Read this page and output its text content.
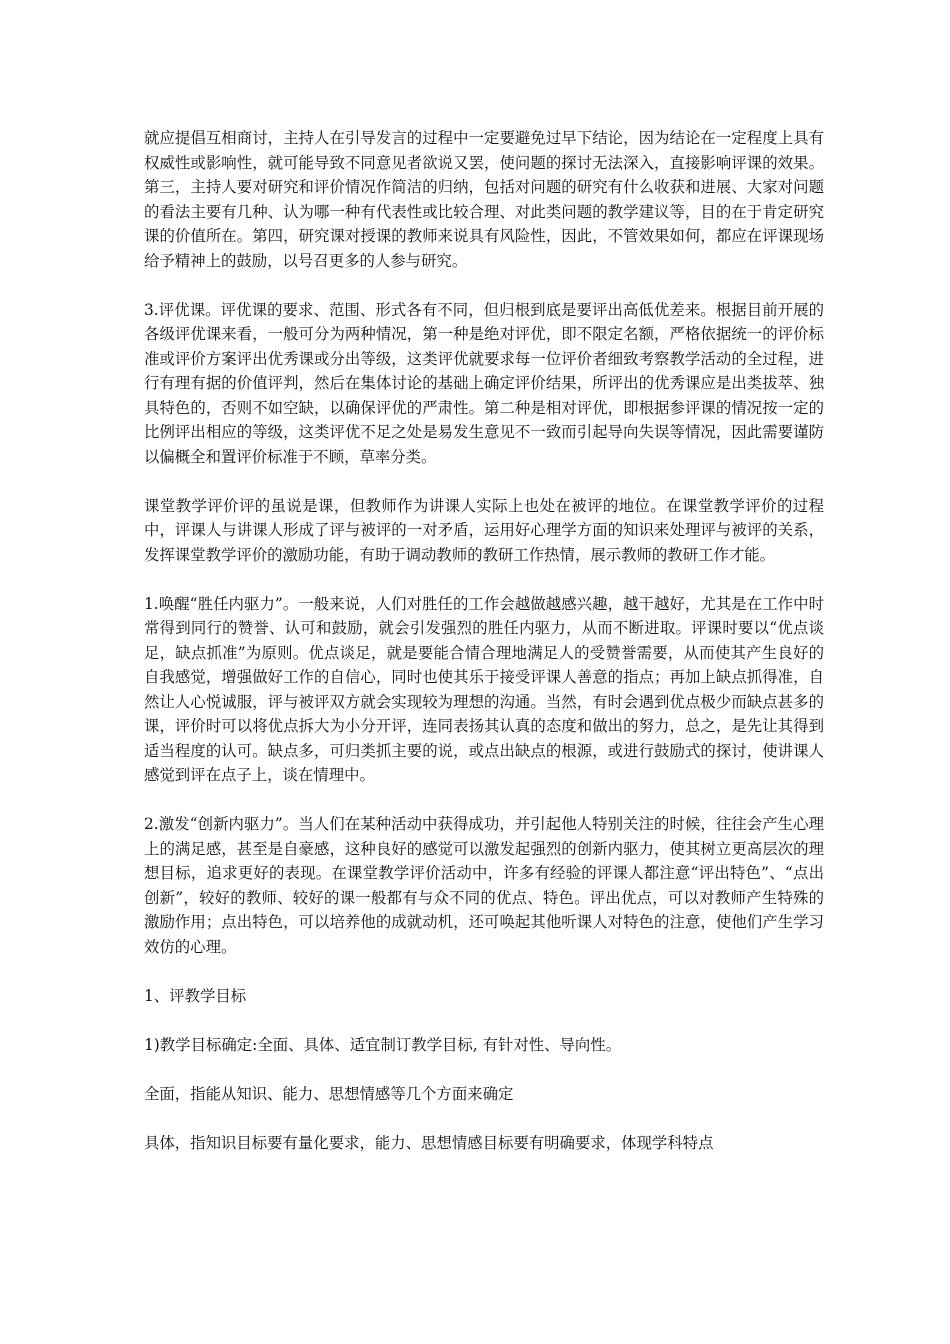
就应提倡互相商讨，主持人在引导发言的过程中一定要避免过早下结论，因为结论在一定程度上具有权威性或影响性，就可能导致不同意见者欲说又罢，使问题的探讨无法深入，直接影响评课的效果。第三，主持人要对研究和评价情况作简洁的归纳，包括对问题的研究有什么收获和进展、大家对问题的看法主要有几种、认为哪一种有代表性或比较合理、对此类问题的教学建议等，目的在于肯定研究课的价值所在。第四，研究课对授课的教师来说具有风险性，因此，不管效果如何，都应在评课现场给予精神上的鼓励，以号召更多的人参与研究。

3.评优课。评优课的要求、范围、形式各有不同，但归根到底是要评出高低优差来。根据目前开展的各级评优课来看，一般可分为两种情况，第一种是绝对评优，即不限定名额，严格依据统一的评价标准或评价方案评出优秀课或分出等级，这类评优就要求每一位评价者细致考察教学活动的全过程，进行有理有据的价值评判，然后在集体讨论的基础上确定评价结果，所评出的优秀课应是出类拔萃、独具特色的，否则不如空缺，以确保评优的严肃性。第二种是相对评优，即根据参评课的情况按一定的比例评出相应的等级，这类评优不足之处是易发生意见不一致而引起导向失误等情况，因此需要谨防以偏概全和置评价标准于不顾，草率分类。

课堂教学评价评的虽说是课，但教师作为讲课人实际上也处在被评的地位。在课堂教学评价的过程中，评课人与讲课人形成了评与被评的一对矛盾，运用好心理学方面的知识来处理评与被评的关系，发挥课堂教学评价的激励功能，有助于调动教师的教研工作热情，展示教师的教研工作才能。

1.唤醒“胜任内驱力”。一般来说，人们对胜任的工作会越做越感兴趣，越干越好，尤其是在工作中时常得到同行的赞誉、认可和鼓励，就会引发强烈的胜任内驱力，从而不断进取。评课时要以“优点谈足，缺点抓准”为原则。优点谈足，就是要能合情合理地满足人的受赞誉需要，从而使其产生良好的自我感觉，增强做好工作的自信心，同时也使其乐于接受评课人善意的指点；再加上缺点抓得准，自然让人心悦诚服，评与被评双方就会实现较为理想的沟通。当然，有时会遇到优点极少而缺点甚多的课，评价时可以将优点拆大为小分开评，连同表扬其认真的态度和做出的努力，总之，是先让其得到适当程度的认可。缺点多，可归类抓主要的说，或点出缺点的根源，或进行鼓励式的探讨，使讲课人感觉到评在点子上，谈在情理中。

2.激发“创新内驱力”。当人们在某种活动中获得成功，并引起他人特别关注的时候，往往会产生心理上的满足感，甚至是自豪感，这种良好的感觉可以激发起强烈的创新内驱力，使其树立更高层次的理想目标，追求更好的表现。在课堂教学评价活动中，许多有经验的评课人都注意“评出特色”、“点出创新”，较好的教师、较好的课一般都有与众不同的优点、特色。评出优点，可以对教师产生特殊的激励作用；点出特色，可以培养他的成就动机，还可唤起其他听课人对特色的注意，使他们产生学习效仿的心理。

1、评教学目标

1)教学目标确定:全面、具体、适宜制订教学目标, 有针对性、导向性。

全面，指能从知识、能力、思想情感等几个方面来确定

具体，指知识目标要有量化要求，能力、思想情感目标要有明确要求，体现学科特点
